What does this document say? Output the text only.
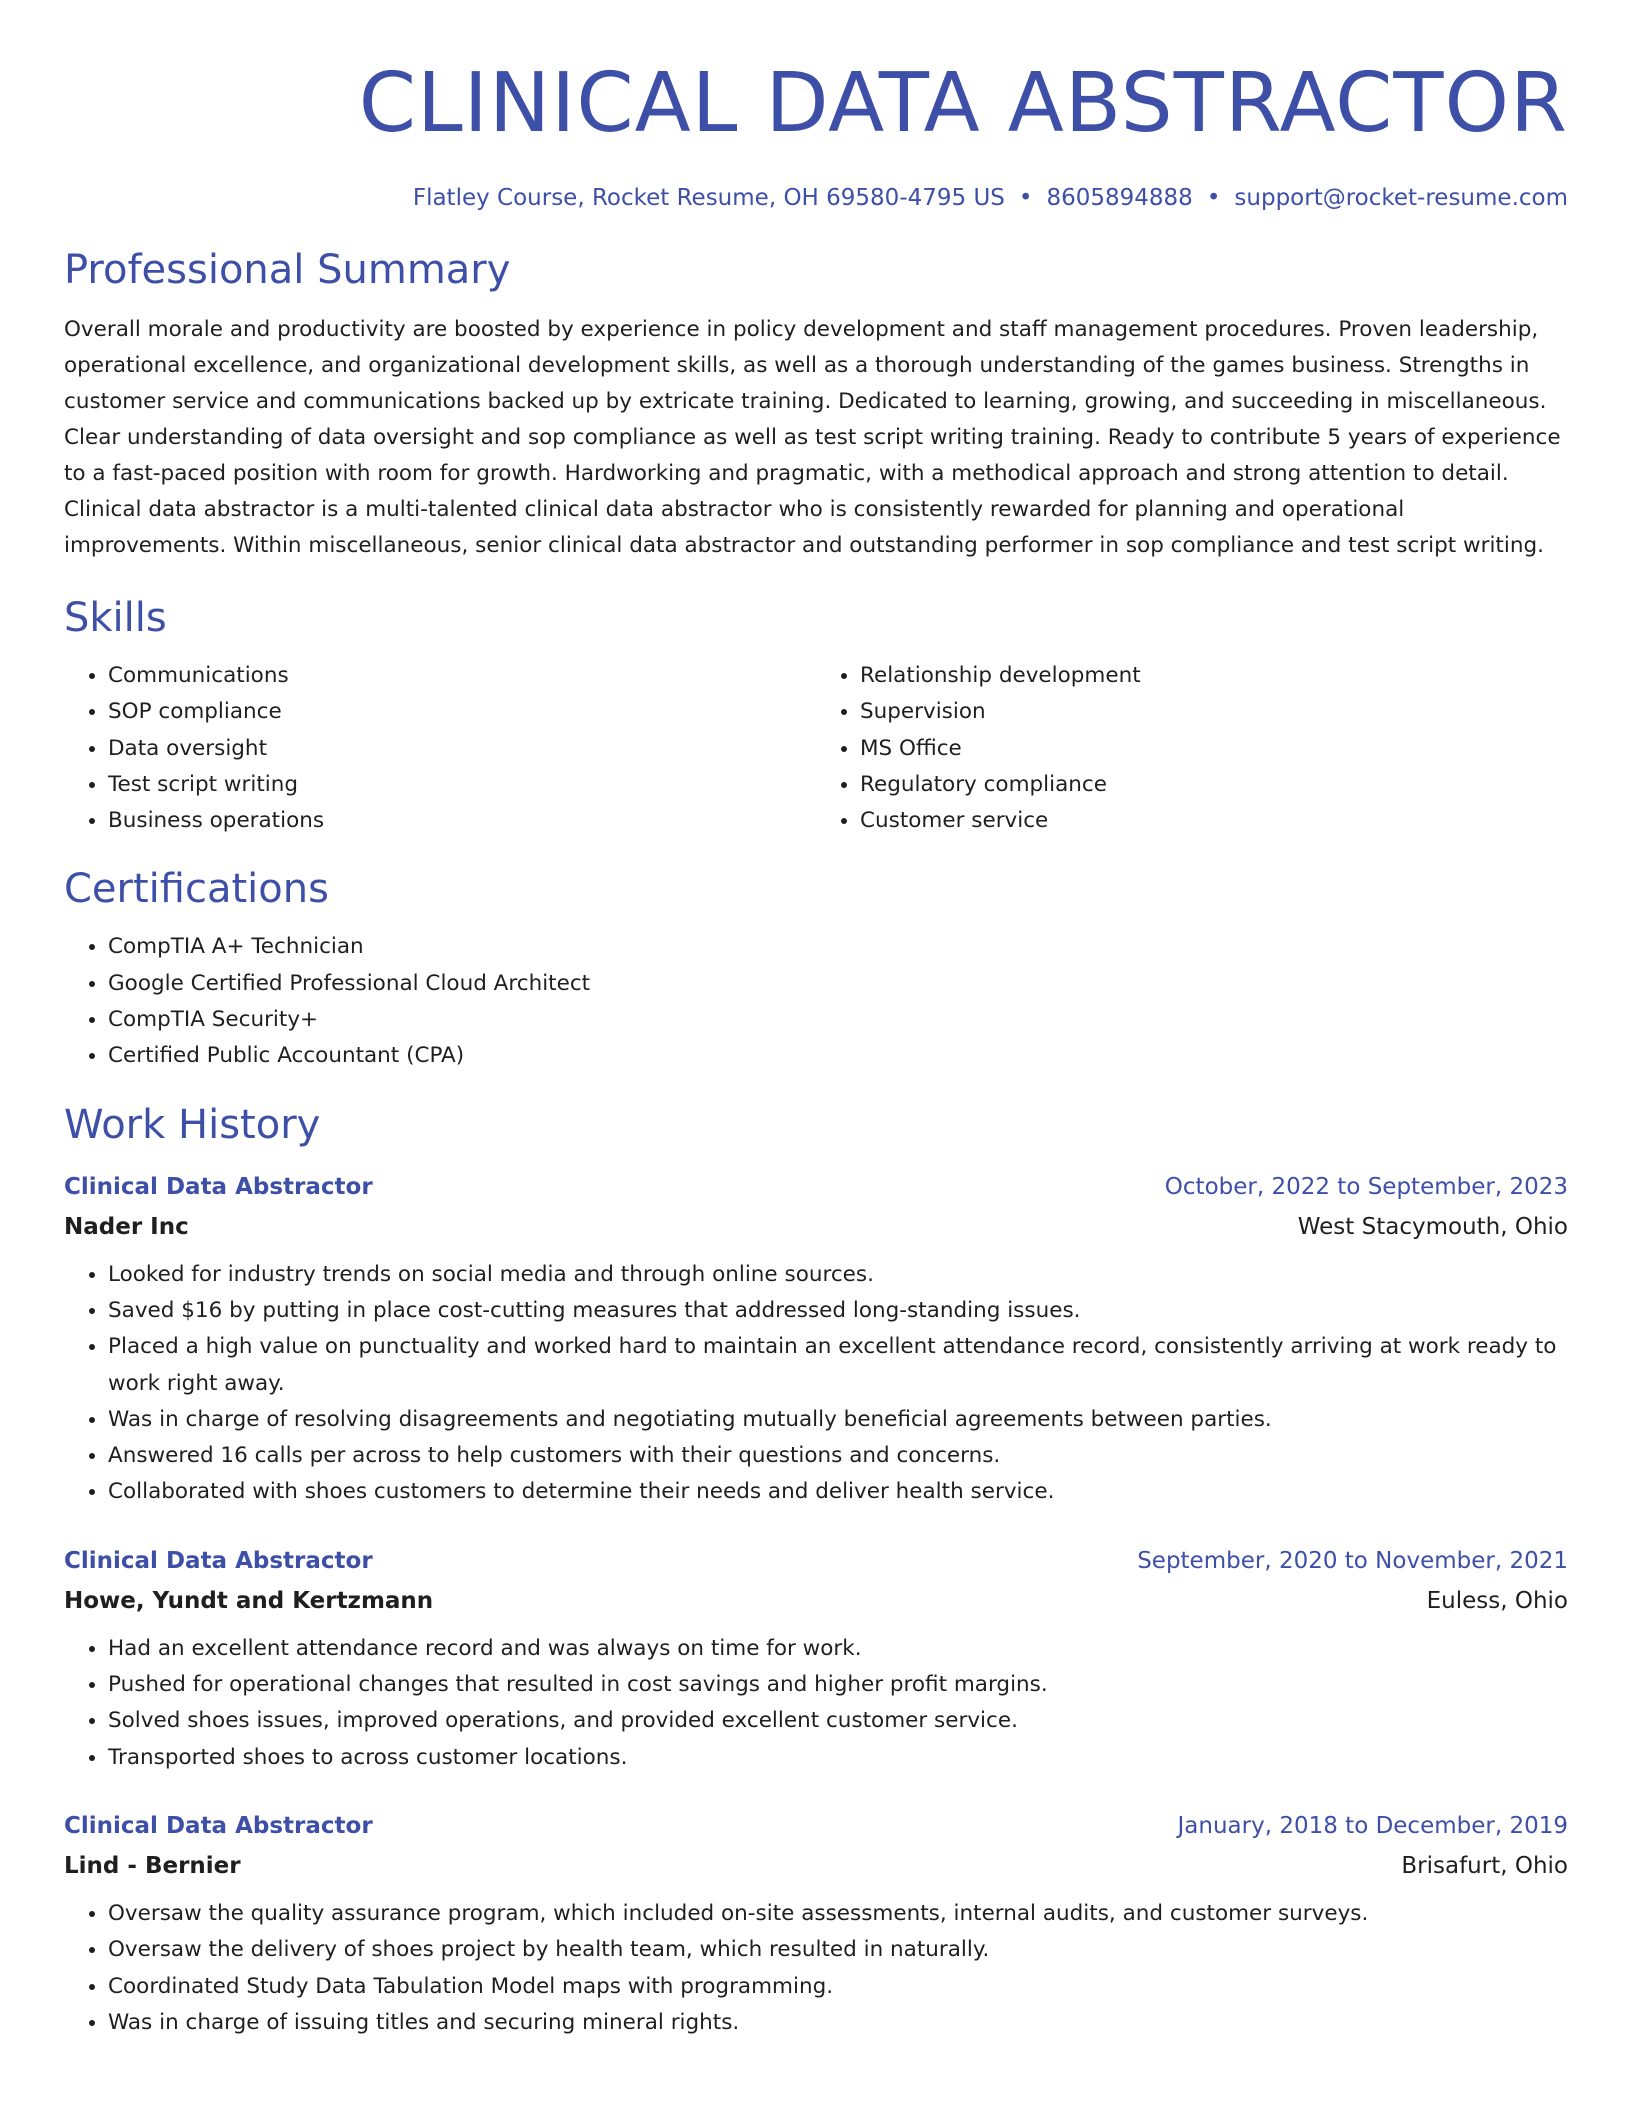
CLINICAL DATA ABSTRACTOR
Flatley Course, Rocket Resume, OH 69580-4795 US • 8605894888 • support@rocket-resume.com
Professional Summary

Overall morale and productivity are boosted by experience in policy development and staff management procedures. Proven leadership, operational excellence, and organizational development skills, as well as a thorough understanding of the games business. Strengths in customer service and communications backed up by extricate training. Dedicated to learning, growing, and succeeding in miscellaneous. Clear understanding of data oversight and sop compliance as well as test script writing training. Ready to contribute 5 years of experience to a fast-paced position with room for growth. Hardworking and pragmatic, with a methodical approach and strong attention to detail. Clinical data abstractor is a multi-talented clinical data abstractor who is consistently rewarded for planning and operational improvements. Within miscellaneous, senior clinical data abstractor and outstanding performer in sop compliance and test script writing.

Skills
• Communications
• SOP compliance
• Data oversight
• Test script writing
• Business operations
• Relationship development
• Supervision
• MS Office
• Regulatory compliance
• Customer service
Certifications
• CompTIA A+ Technician
• Google Certified Professional Cloud Architect
• CompTIA Security+
• Certified Public Accountant (CPA)
Work History
Clinical Data Abstractor	October, 2022 to September, 2023
Nader Inc	West Stacymouth, Ohio
• Looked for industry trends on social media and through online sources.
• Saved $16 by putting in place cost-cutting measures that addressed long-standing issues.
• Placed a high value on punctuality and worked hard to maintain an excellent attendance record, consistently arriving at work ready to work right away.
• Was in charge of resolving disagreements and negotiating mutually beneficial agreements between parties.
• Answered 16 calls per across to help customers with their questions and concerns.
• Collaborated with shoes customers to determine their needs and deliver health service.
Clinical Data Abstractor	September, 2020 to November, 2021
Howe, Yundt and Kertzmann	Euless, Ohio
• Had an excellent attendance record and was always on time for work.
• Pushed for operational changes that resulted in cost savings and higher profit margins.
• Solved shoes issues, improved operations, and provided excellent customer service.
• Transported shoes to across customer locations.
Clinical Data Abstractor	January, 2018 to December, 2019
Lind - Bernier	Brisafurt, Ohio
• Oversaw the quality assurance program, which included on-site assessments, internal audits, and customer surveys.
• Oversaw the delivery of shoes project by health team, which resulted in naturally.
• Coordinated Study Data Tabulation Model maps with programming.
• Was in charge of issuing titles and securing mineral rights.
